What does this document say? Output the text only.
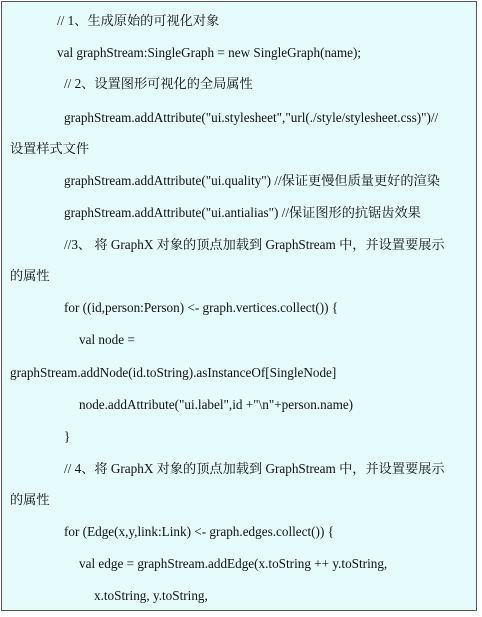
// 1、生成原始的可视化对象
val graphStream:SingleGraph = new SingleGraph(name);
// 2、设置图形可视化的全局属性
graphStream.addAttribute("ui.stylesheet","url(./style/stylesheet.css)")//
设置样式文件
graphStream.addAttribute("ui.quality") //保证更慢但质量更好的渲染
graphStream.addAttribute("ui.antialias") //保证图形的抗锯齿效果
//3、 将 GraphX 对象的顶点加载到 GraphStream 中，并设置要展示
的属性
for ((id,person:Person) <- graph.vertices.collect()) {
val node =
graphStream.addNode(id.toString).asInstanceOf[SingleNode]
node.addAttribute("ui.label",id +"\n"+person.name)
}
// 4、将 GraphX 对象的顶点加载到 GraphStream 中，并设置要展示
的属性
for (Edge(x,y,link:Link) <- graph.edges.collect()) {
val edge = graphStream.addEdge(x.toString ++ y.toString,
x.toString, y.toString,
